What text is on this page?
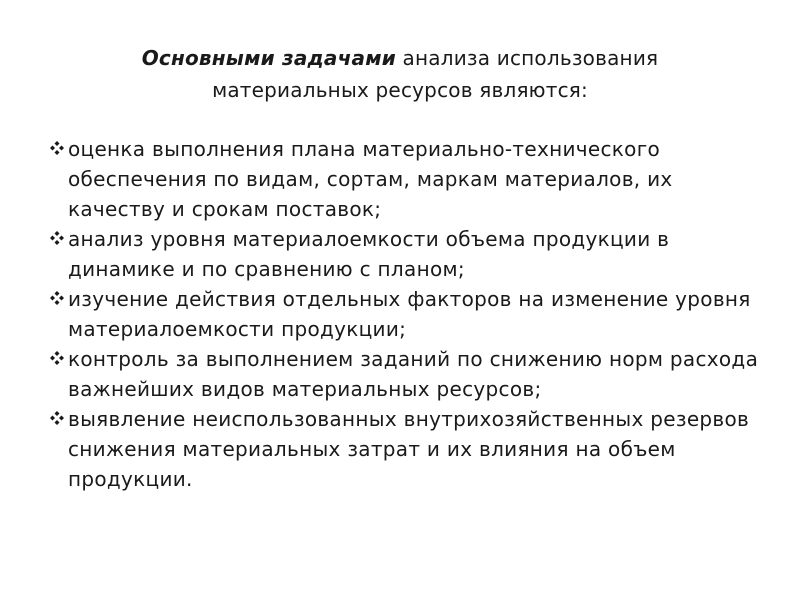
Основными задачами анализа использования
материальных ресурсов являются:
оценка выполнения плана материально-технического обеспечения по видам, сортам, маркам материалов, их качеству и срокам поставок;
анализ уровня материалоемкости объема продукции в динамике и по сравнению с планом;
изучение действия отдельных факторов на изменение уровня материалоемкости продукции;
контроль за выполнением заданий по снижению норм расхода важнейших видов материальных ресурсов;
выявление неиспользованных внутрихозяйственных резервов снижения материальных затрат и их влияния на объем продукции.
